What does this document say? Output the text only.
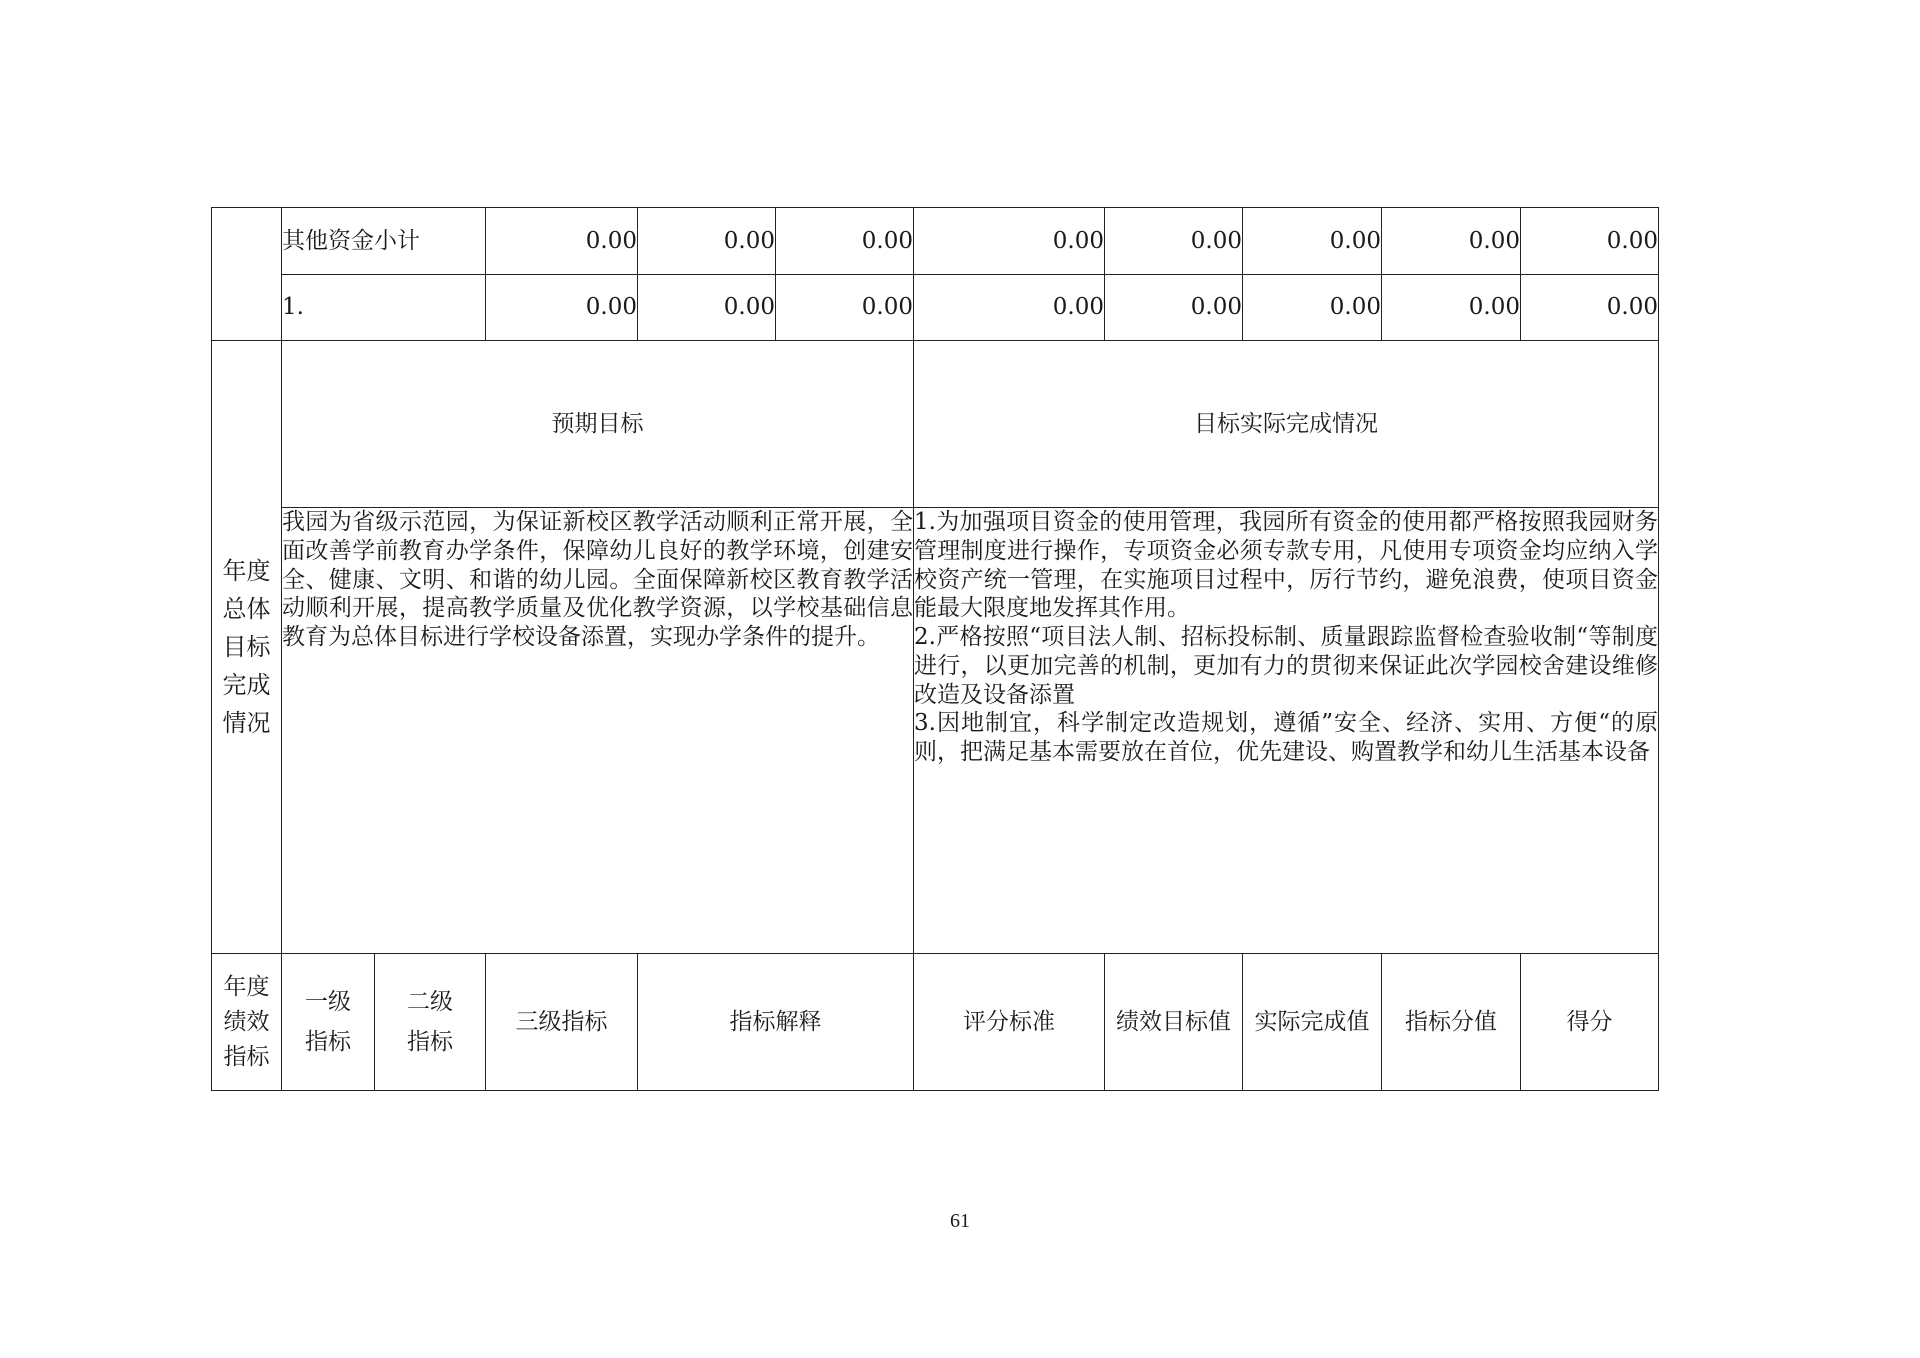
	其他资金小计		0.00	0.00	0.00	0.00	0.00	0.00	0.00	0.00
	1.		0.00	0.00	0.00	0.00	0.00	0.00	0.00	0.00

年度总体目标完成情况	预期目标					目标实际完成情况				

	我园为省级示范园，为保证新校区教学活动顺利正常开展，全面改善学前教育办学条件，保障幼儿良好的教学环境，创建安全、健康、文明、和谐的幼儿园。全面保障新校区教育教学活动顺利开展，提高教学质量及优化教学资源，以学校基础信息教育为总体目标进行学校设备添置，实现办学条件的提升。					1.为加强项目资金的使用管理，我园所有资金的使用都严格按照我园财务管理制度进行操作，专项资金必须专款专用，凡使用专项资金均应纳入学校资产统一管理，在实施项目过程中，厉行节约，避免浪费，使项目资金能最大限度地发挥其作用。
2.严格按照“项目法人制、招标投标制、质量跟踪监督检查验收制“等制度进行，以更加完善的机制，更加有力的贯彻来保证此次学园校舍建设维修改造及设备添置
3.因地制宜，科学制定改造规划，遵循”安全、经济、实用、方便“的原则，把满足基本需要放在首位，优先建设、购置教学和幼儿生活基本设备				

年度绩效指标	一级指标	二级指标	三级指标	指标解释		评分标准	绩效目标值	实际完成值	指标分值	得分
61
